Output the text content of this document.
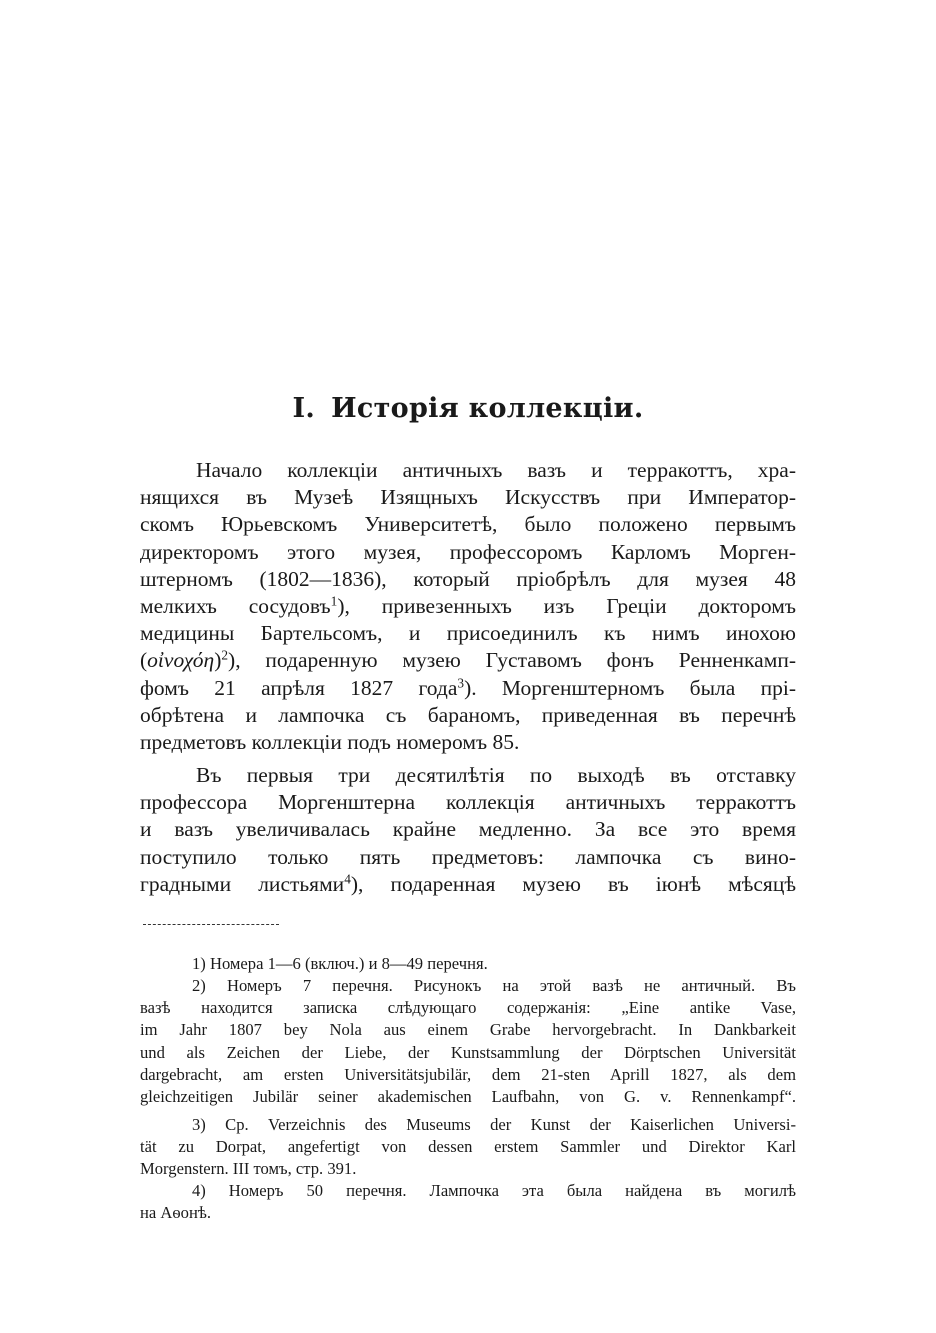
I. Исторія коллекціи.
Начало коллекціи античныхъ вазъ и терракоттъ, хра-
нящихся въ Музеѣ Изящныхъ Искусствъ при Император-
скомъ Юрьевскомъ Университетѣ, было положено первымъ
директоромъ этого музея, профессоромъ Карломъ Морген-
штерномъ (1802—1836), который пріобрѣлъ для музея 48
мелкихъ сосудовъ$^1$), привезенныхъ изъ Греціи докторомъ
медицины Бартельсомъ, и присоединилъ къ нимъ инохою
(οἰνοχόη)$^2$), подаренную музею Густавомъ фонъ Ренненкамп-
фомъ 21 апрѣля 1827 года$^3$). Моргенштерномъ была прі-
обрѣтена и лампочка съ бараномъ, приведенная въ перечнѣ
предметовъ коллекціи подъ номеромъ 85.
Въ первыя три десятилѣтія по выходѣ въ отставку
профессора Моргенштерна коллекція античныхъ терракоттъ
и вазъ увеличивалась крайне медленно. За все это время
поступило только пять предметовъ: лампочка съ вино-
градными листьями$^4$), подаренная музею въ іюнѣ мѣсяцѣ
1) Номера 1—6 (включ.) и 8—49 перечня.
2) Номеръ 7 перечня. Рисунокъ на этой вазѣ не античный. Въ
вазѣ находится записка слѣдующаго содержанія: „Eine antike Vase,
im Jahr 1807 bey Nola aus einem Grabe hervorgebracht. In Dankbarkeit
und als Zeichen der Liebe, der Kunstsammlung der Dörptschen Universität
dargebracht, am ersten Universitätsjubilär, dem 21-sten Aprill 1827, als dem
gleichzeitigen Jubilär seiner akademischen Laufbahn, von G. v. Rennenkampf“.
3) Ср. Verzeichnis des Museums der Kunst der Kaiserlichen Universi-
tät zu Dorpat, angefertigt von dessen erstem Sammler und Direktor Karl
Morgenstern. III томъ, стр. 391.
4) Номеръ 50 перечня. Лампочка эта была найдена въ могилѣ
на Аѳонѣ.
